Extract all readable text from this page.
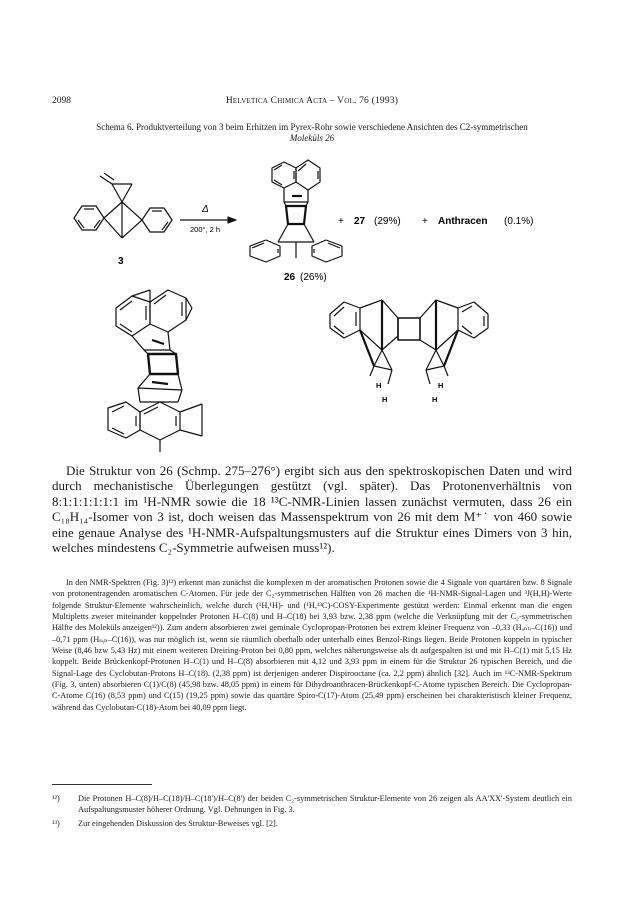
2098	Helvetica Chimica Acta – Vol. 76 (1993)
Schema 6. Produktverteilung von 3 beim Erhitzen im Pyrex-Rohr sowie verschiedene Ansichten des C2-symmetrischen
Moleküls 26
3
Δ
200°, 2 h
26 (26%)
+ 27 (29%) + Anthracen (0.1%)
H
H
H
H
Die Struktur von 26 (Schmp. 275–276°) ergibt sich aus den spektroskopischen Daten und wird durch mechanistische Überlegungen gestützt (vgl. später). Das Protonenverhältnis von 8:1:1:1:1:1:1 im ¹H-NMR sowie die 18 ¹³C-NMR-Linien lassen zunächst vermuten, dass 26 ein C₁₈H₁₄-Isomer von 3 ist, doch weisen das Massenspektrum von 26 mit dem M⁺˙ von 460 sowie eine genaue Analyse des ¹H-NMR-Aufspaltungsmusters auf die Struktur eines Dimers von 3 hin, welches mindestens C₂-Symmetrie aufweisen muss¹²).
In den NMR-Spektren (Fig. 3)¹³) erkennt man zunächst die komplexen m der aromatischen Protonen sowie die 4 Signale von quartären bzw. 8 Signale von protonentragenden aromatischen C-Atomen. Für jede der C₂-symmetrischen Hälften von 26 machen die ¹H-NMR-Signal-Lagen und ³J(H,H)-Werte folgende Struktur-Elemente wahrscheinlich, welche durch (¹H,¹H)- und (¹H,¹³C)-COSY-Experimente gestützt werden: Einmal erkennt man die engen Multipletts zweier miteinander koppelnder Protonen H–C(8) und H–C(18) bei 3,93 bzw. 2,38 ppm (welche die Verknüpfung mit der C₂-symmetrischen Hälfte des Moleküls anzeigen¹²)). Zum andern absorbieren zwei geminale Cyclopropan-Protonen bei extrem kleiner Frequenz von –0,33 (Hₐₙₜᵢ–C(16)) und –0,71 ppm (Hₛᵧₙ–C(16)), was nur möglich ist, wenn sie räumlich oberhalb oder unterhalb eines Benzol-Rings liegen. Beide Protonen koppeln in typischer Weise (8,46 bzw 5,43 Hz) mit einem weiteren Dreiring-Proton bei 0,80 ppm, welches näherungsweise als dt aufgespalten ist und mit H–C(1) mit 5,15 Hz koppelt. Beide Brückenkopf-Protonen H–C(1) und H–C(8) absorbieren mit 4,12 und 3,93 ppm in einem für die Struktur 26 typischen Bereich, und die Signal-Lage des Cyclobutan-Protons H–C(18). (2,38 ppm) ist derjenigen anderer Dispirooctane (ca. 2,2 ppm) ähnlich [32]. Auch im ¹³C-NMR-Spektrum (Fig. 3, unten) absorbieren C(1)/C(8) (45,98 bzw. 48,05 ppm) in einem für Dihydroanthracen-Brückenkopf-C-Atome typischen Bereich. Die Cyclopropan-C-Atome C(16) (8,53 ppm) und C(15) (19,25 ppm) sowie das quartäre Spiro-C(17)-Atom (25,49 ppm) erscheinen bei charakteristisch kleiner Frequenz, während das Cyclobutan-C(18)-Atom bei 40,09 ppm liegt.
¹²) Die Protonen H–C(8)/H–C(18)/H–C(18')/H–C(8') der beiden C₂-symmetrischen Struktur-Elemente von 26 zeigen als AA'XX'-System deutlich ein Aufspaltungsmuster höherer Ordnung. Vgl. Dehnungen in Fig. 3.
¹³) Zur eingehenden Diskussion des Struktur-Beweises vgl. [2].
